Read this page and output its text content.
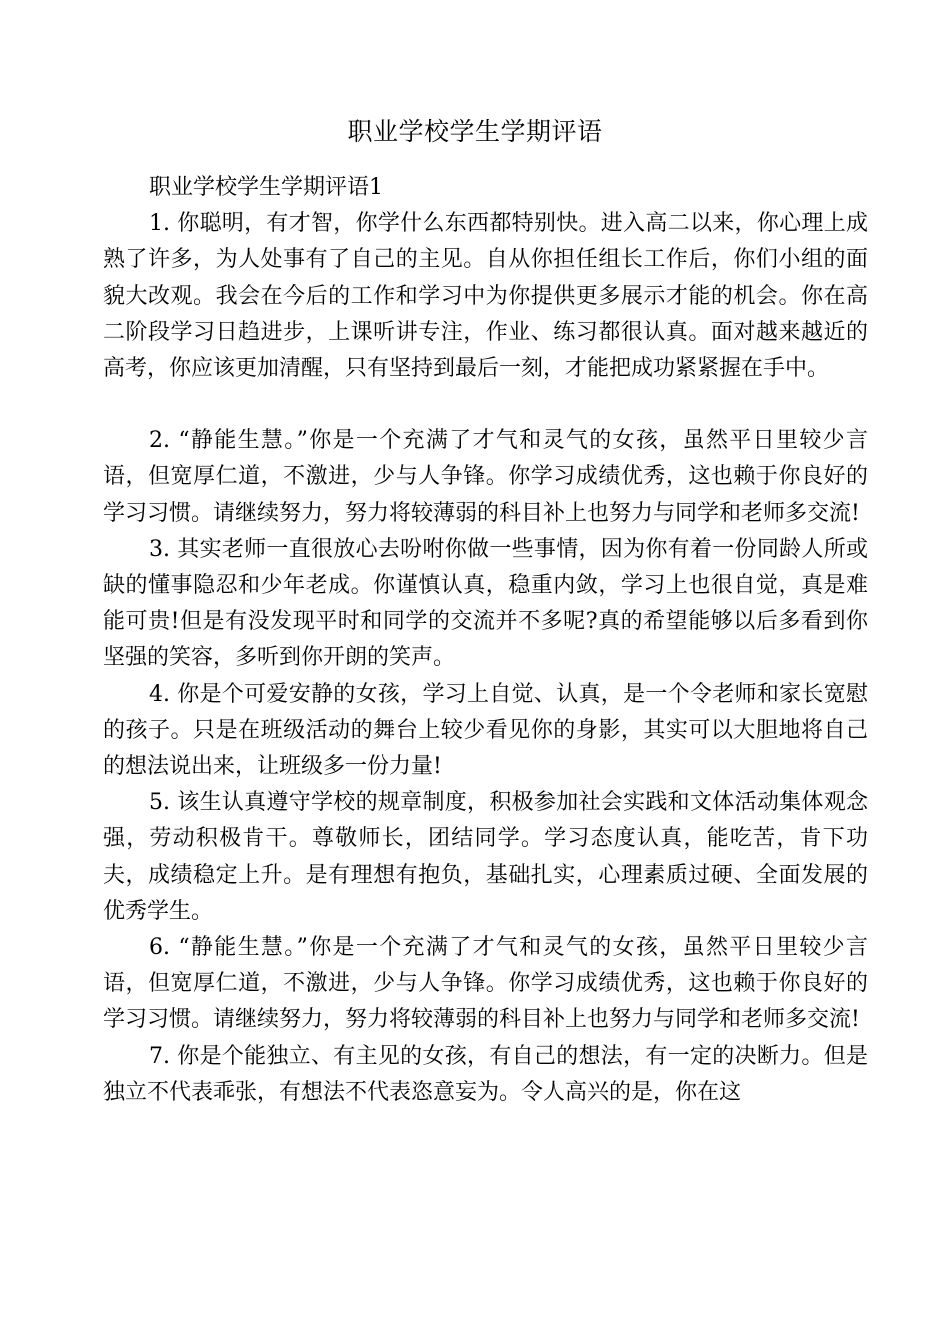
职业学校学生学期评语

职业学校学生学期评语1

1. 你聪明，有才智，你学什么东西都特别快。进入高二以来，你心理上成熟了许多，为人处事有了自己的主见。自从你担任组长工作后，你们小组的面貌大改观。我会在今后的工作和学习中为你提供更多展示才能的机会。你在高二阶段学习日趋进步，上课听讲专注，作业、练习都很认真。面对越来越近的高考，你应该更加清醒，只有坚持到最后一刻，才能把成功紧紧握在手中。

2. “静能生慧。”你是一个充满了才气和灵气的女孩，虽然平日里较少言语，但宽厚仁道，不激进，少与人争锋。你学习成绩优秀，这也赖于你良好的学习习惯。请继续努力，努力将较薄弱的科目补上也努力与同学和老师多交流!

3. 其实老师一直很放心去吩咐你做一些事情，因为你有着一份同龄人所或缺的懂事隐忍和少年老成。你谨慎认真，稳重内敛，学习上也很自觉，真是难能可贵!但是有没发现平时和同学的交流并不多呢?真的希望能够以后多看到你坚强的笑容，多听到你开朗的笑声。

4. 你是个可爱安静的女孩，学习上自觉、认真，是一个令老师和家长宽慰的孩子。只是在班级活动的舞台上较少看见你的身影，其实可以大胆地将自己的想法说出来，让班级多一份力量!

5. 该生认真遵守学校的规章制度，积极参加社会实践和文体活动集体观念强，劳动积极肯干。尊敬师长，团结同学。学习态度认真，能吃苦，肯下功夫，成绩稳定上升。是有理想有抱负，基础扎实，心理素质过硬、全面发展的优秀学生。

6. “静能生慧。”你是一个充满了才气和灵气的女孩，虽然平日里较少言语，但宽厚仁道，不激进，少与人争锋。你学习成绩优秀，这也赖于你良好的学习习惯。请继续努力，努力将较薄弱的科目补上也努力与同学和老师多交流!

7. 你是个能独立、有主见的女孩，有自己的想法，有一定的决断力。但是独立不代表乖张，有想法不代表恣意妄为。令人高兴的是，你在这
